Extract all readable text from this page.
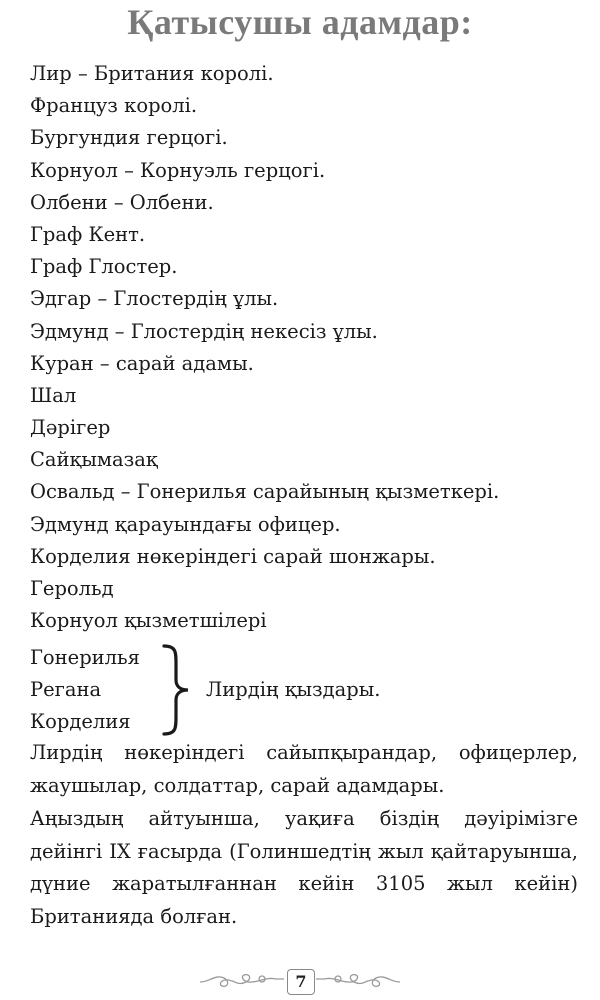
Қатысушы адамдар:
Лир – Британия королі.
Француз королі.
Бургундия герцогі.
Корнуол – Корнуэль герцогі.
Олбени – Олбени.
Граф Кент.
Граф Глостер.
Эдгар – Глостердің ұлы.
Эдмунд – Глостердің некесіз ұлы.
Куран – сарай адамы.
Шал
Дәрігер
Сайқымазақ
Освальд – Гонерилья сарайының қызметкері.
Эдмунд қарауындағы офицер.
Корделия нөкеріндегі сарай шонжары.
Герольд
Корнуол қызметшілері
Гонерилья
Регана
Корделия
Лирдің қыздары.

Лирдің нөкеріндегі сайыпқырандар, офицерлер, жаушылар, солдаттар, сарай адамдары.

Аңыздың айтуынша, уақиға біздің дәуірімізге дейінгі IX ғасырда (Голиншедтің жыл қайтаруынша, дүние жаратылғаннан кейін 3105 жыл кейін) Британияда болған.

7
